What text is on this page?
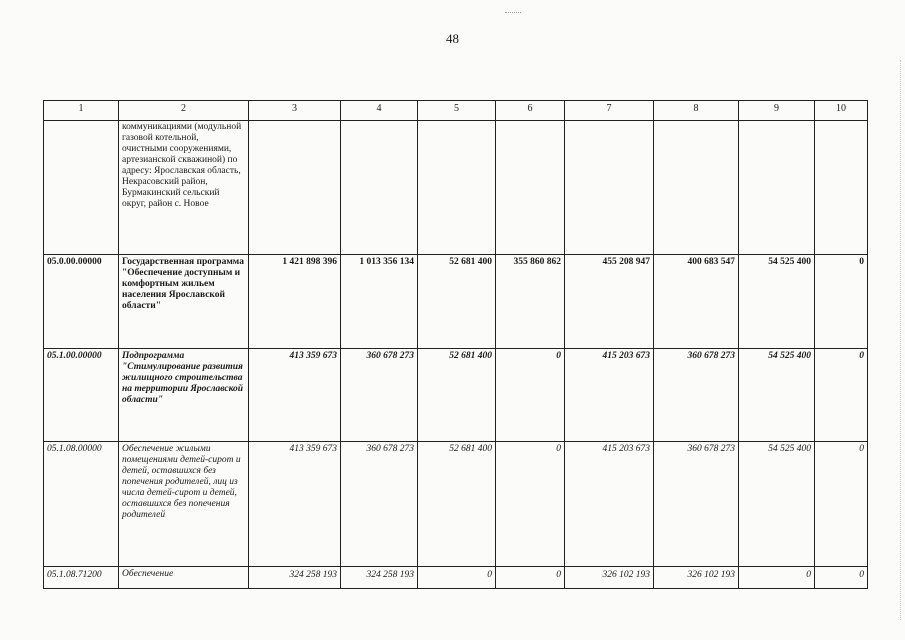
48
1	2	3	4	5	6	7	8	9	10
	коммуникациями (модульной газовой котельной, очистными сооружениями, артезианской скважиной) по адресу: Ярославская область, Некрасовский район, Бурмакинский сельский округ, район с. Новое								
05.0.00.00000	Государственная программа "Обеспечение доступным и комфортным жильем населения Ярославской области"	1 421 898 396	1 013 356 134	52 681 400	355 860 862	455 208 947	400 683 547	54 525 400	0
05.1.00.00000	Подпрограмма "Стимулирование развития жилищного строительства на территории Ярославской области"	413 359 673	360 678 273	52 681 400	0	415 203 673	360 678 273	54 525 400	0
05.1.08.00000	Обеспечение жилыми помещениями детей-сирот и детей, оставшихся без попечения родителей, лиц из числа детей-сирот и детей, оставшихся без попечения родителей	413 359 673	360 678 273	52 681 400	0	415 203 673	360 678 273	54 525 400	0
05.1.08.71200	Обеспечение	324 258 193	324 258 193	0	0	326 102 193	326 102 193	0	0
